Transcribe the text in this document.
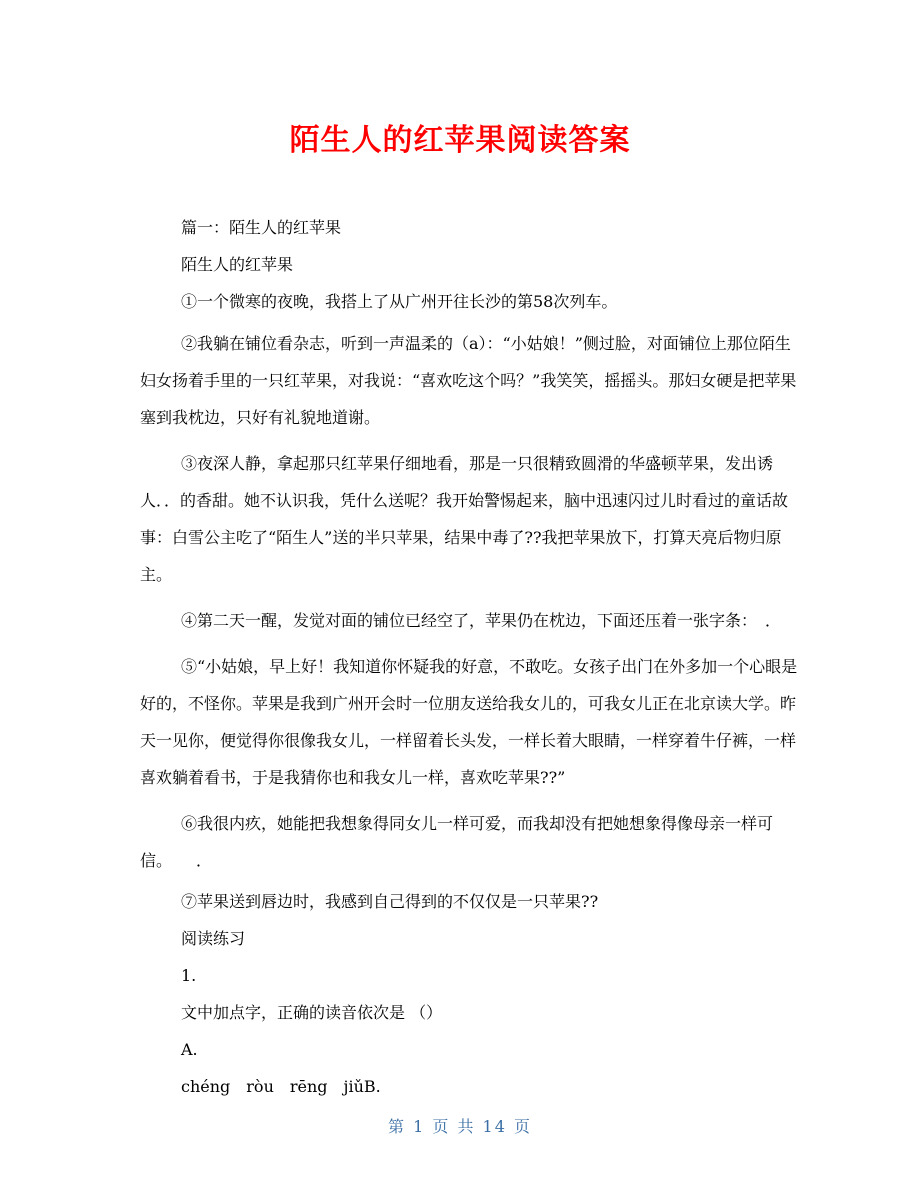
陌生人的红苹果阅读答案
篇一：陌生人的红苹果
陌生人的红苹果
①一个微寒的夜晚，我搭上了从广州开往长沙的第58次列车。
②我躺在铺位看杂志，听到一声温柔的（a）：“小姑娘！”侧过脸，对面铺位上那位陌生妇女扬着手里的一只红苹果，对我说：“喜欢吃这个吗？”我笑笑，摇摇头。那妇女硬是把苹果塞到我枕边，只好有礼貌地道谢。
③夜深人静，拿起那只红苹果仔细地看，那是一只很精致圆滑的华盛顿苹果，发出诱人．．的香甜。她不认识我，凭什么送呢？我开始警惕起来，脑中迅速闪过儿时看过的童话故事：白雪公主吃了“陌生人”送的半只苹果，结果中毒了??我把苹果放下，打算天亮后物归原主。
④第二天一醒，发觉对面的铺位已经空了，苹果仍在枕边，下面还压着一张字条：　．
⑤“小姑娘，早上好！我知道你怀疑我的好意，不敢吃。女孩子出门在外多加一个心眼是好的，不怪你。苹果是我到广州开会时一位朋友送给我女儿的，可我女儿正在北京读大学。昨天一见你，便觉得你很像我女儿，一样留着长头发，一样长着大眼睛，一样穿着牛仔裤，一样喜欢躺着看书，于是我猜你也和我女儿一样，喜欢吃苹果??”
⑥我很内疚，她能把我想象得同女儿一样可爱，而我却没有把她想象得像母亲一样可信。　　．
⑦苹果送到唇边时，我感到自己得到的不仅仅是一只苹果??
阅读练习
1.
文中加点字，正确的读音依次是 （）
A.
chéng　ròu　rēng　jiǔB.
第 1 页 共 14 页
